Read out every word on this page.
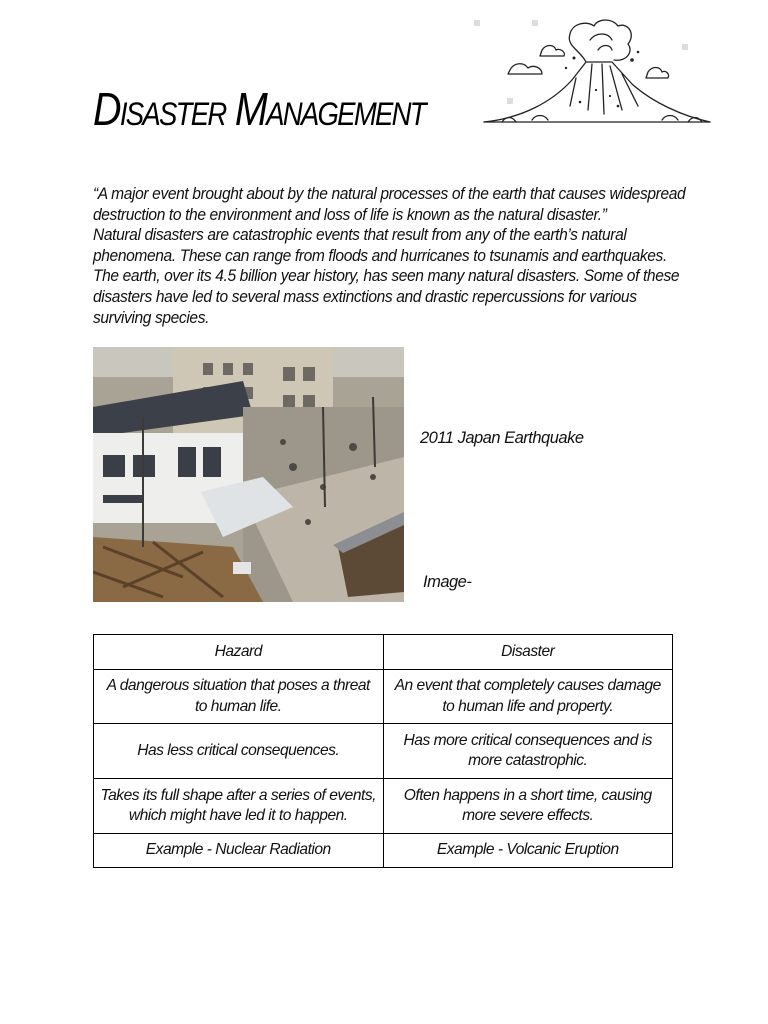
Disaster Management

“A major event brought about by the natural processes of the earth that causes widespread destruction to the environment and loss of life is known as the natural disaster.”

Natural disasters are catastrophic events that result from any of the earth’s natural phenomena. These can range from floods and hurricanes to tsunamis and earthquakes. The earth, over its 4.5 billion year history, has seen many natural disasters. Some of these disasters have led to several mass extinctions and drastic repercussions for various surviving species.

2011 Japan Earthquake
Image-
Hazard	Disaster
A dangerous situation that poses a threat to human life.	An event that completely causes damage to human life and property.
Has less critical consequences.	Has more critical consequences and is more catastrophic.
Takes its full shape after a series of events, which might have led it to happen.	Often happens in a short time, causing more severe effects.
Example - Nuclear Radiation	Example - Volcanic Eruption
